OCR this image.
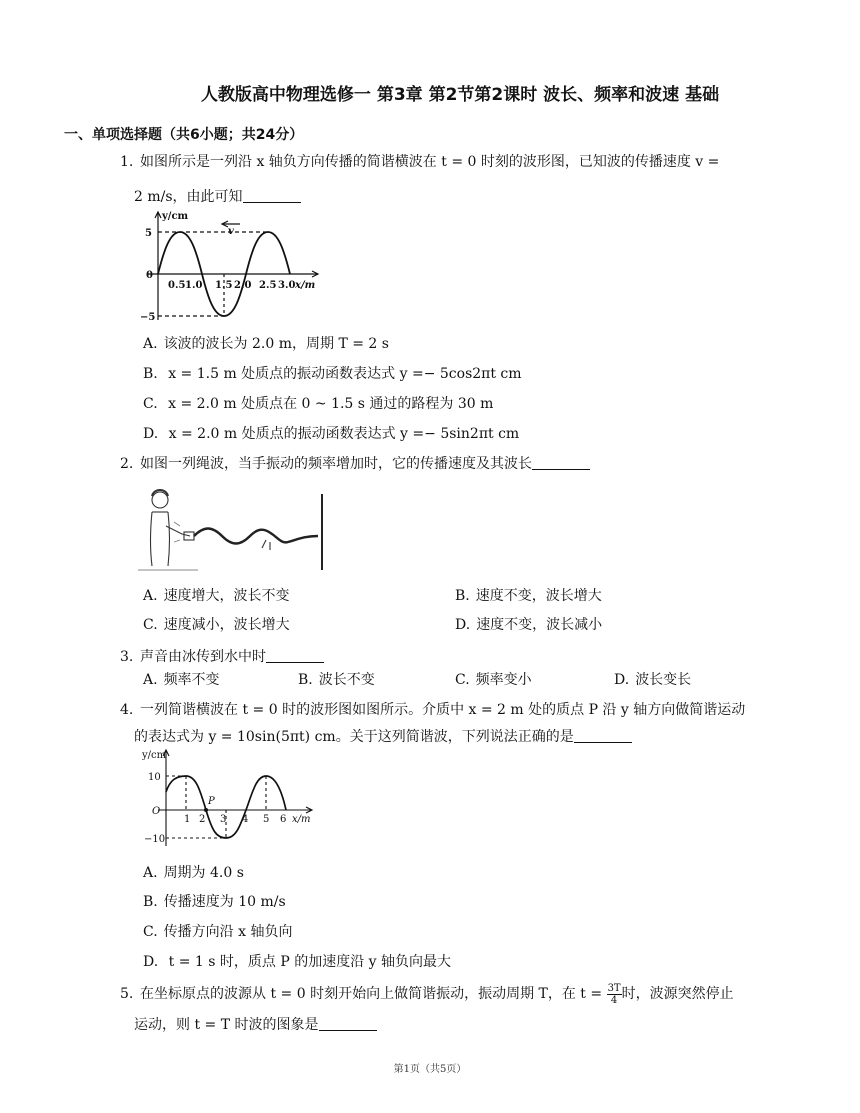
人教版高中物理选修一 第3章 第2节第2课时 波长、频率和波速 基础
一、单项选择题（共6小题；共24分）
1. 如图所示是一列沿 x 轴负方向传播的简谐横波在 t = 0 时刻的波形图，已知波的传播速度 v =
2 m/s，由此可知
y/cm
v
5
0
−5
0.5 1.0 1.5 2.0 2.5 3.0 x/m
A. 该波的波长为 2.0 m，周期 T = 2 s
B. x = 1.5 m 处质点的振动函数表达式 y =− 5cos2πt cm
C. x = 2.0 m 处质点在 0 ~ 1.5 s 通过的路程为 30 m
D. x = 2.0 m 处质点的振动函数表达式 y =− 5sin2πt cm
2. 如图一列绳波，当手振动的频率增加时，它的传播速度及其波长
A. 速度增大，波长不变	B. 速度不变，波长增大
C. 速度减小，波长增大	D. 速度不变，波长减小
3. 声音由冰传到水中时
A. 频率不变	B. 波长不变	C. 频率变小	D. 波长变长
4. 一列简谐横波在 t = 0 时的波形图如图所示。介质中 x = 2 m 处的质点 P 沿 y 轴方向做简谐运动
的表达式为 y = 10sin(5πt) cm。关于这列简谐波，下列说法正确的是
y/cm
10
O
−10
P
1 2 3 4 5 6 x/m
A. 周期为 4.0 s
B. 传播速度为 10 m/s
C. 传播方向沿 x 轴负向
D. t = 1 s 时，质点 P 的加速度沿 y 轴负向最大
5. 在坐标原点的波源从 t = 0 时刻开始向上做简谐振动，振动周期 T，在 $t = \frac{3T}{4}$ 时，波源突然停止
运动，则 t = T 时波的图象是
第1页（共5页）
